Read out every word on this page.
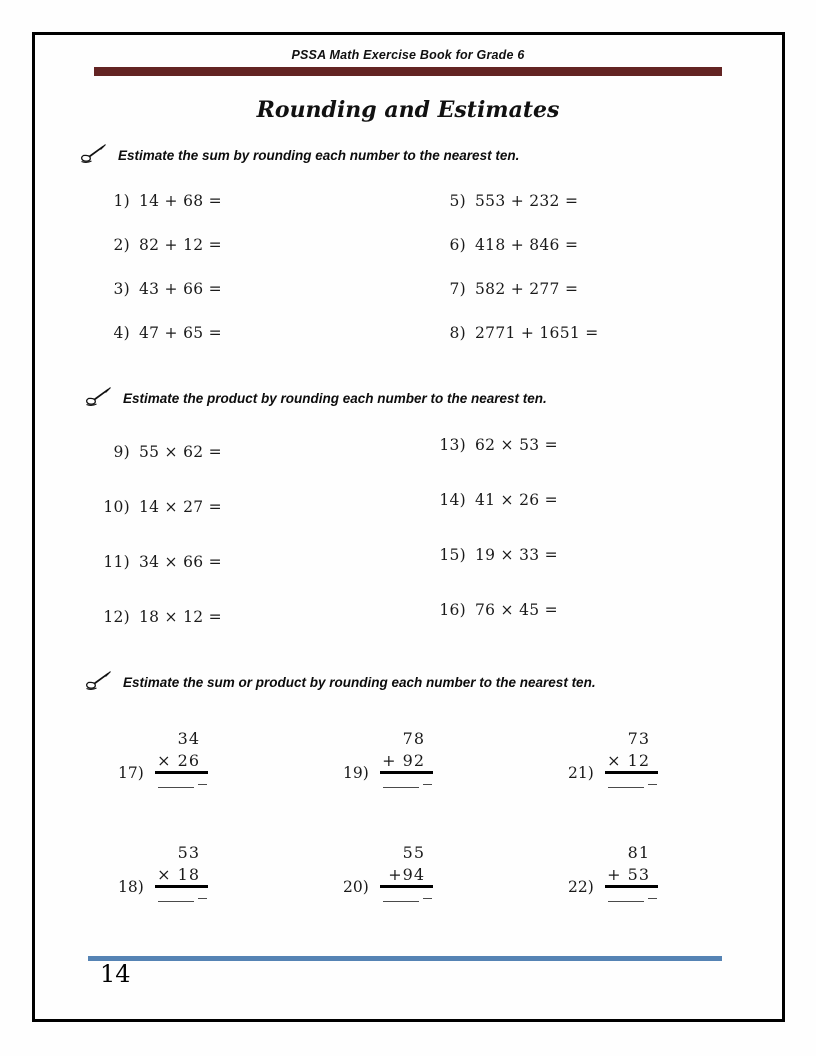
PSSA Math Exercise Book for Grade 6
Rounding and Estimates
Estimate the sum by rounding each number to the nearest ten.
1) 14 + 68 =
2) 82 + 12 =
3) 43 + 66 =
4) 47 + 65 =
5) 553 + 232 =
6) 418 + 846 =
7) 582 + 277 =
8) 2771 + 1651 =
Estimate the product by rounding each number to the nearest ten.
9) 55 × 62 =
10) 14 × 27 =
11) 34 × 66 =
12) 18 × 12 =
13) 62 × 53 =
14) 41 × 26 =
15) 19 × 33 =
16) 76 × 45 =
Estimate the sum or product by rounding each number to the nearest ten.
17)
34
× 26
19)
78
+ 92
21)
73
× 12
18)
53
× 18
20)
55
+94
22)
81
+ 53
14
